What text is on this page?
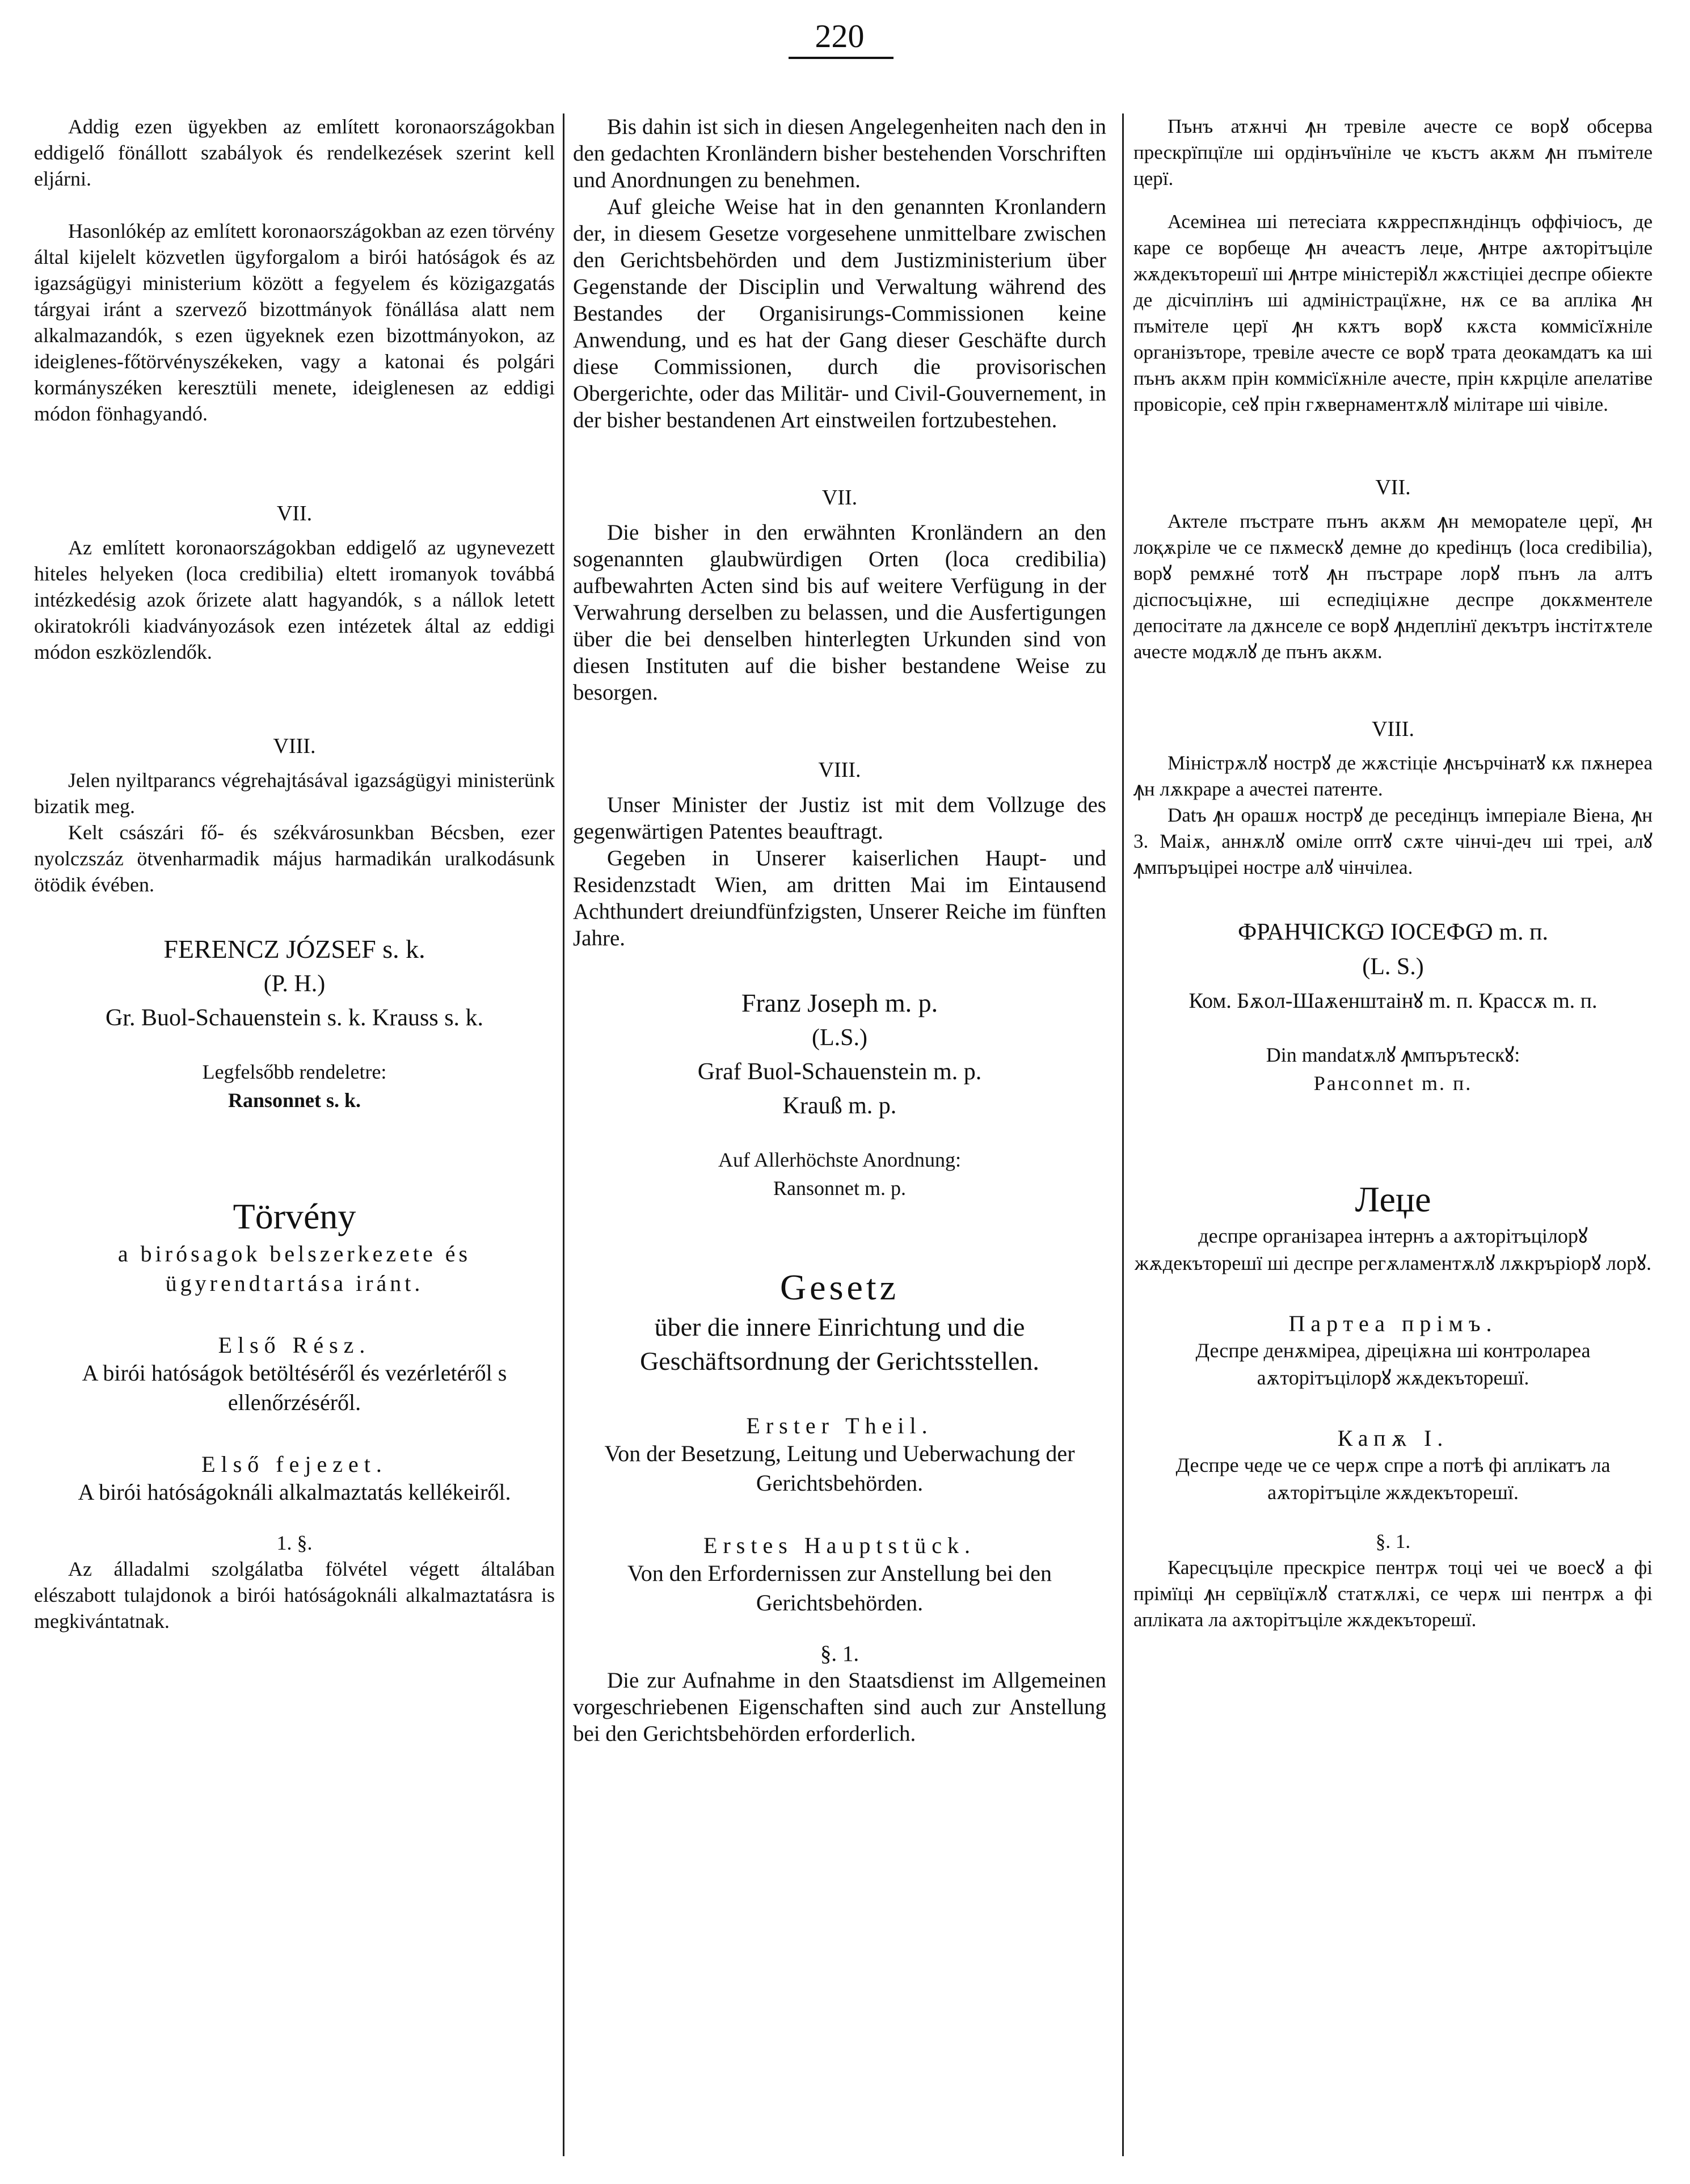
220

Addig ezen ügyekben az említett koronaországokban eddigelő fönállott szabályok és rendelkezések szerint kell eljárni.

Hasonlókép az említett koronaországokban az ezen törvény által kijelelt közvetlen ügyforgalom a birói hatóságok és az igazságügyi ministerium között a fegyelem és közigazgatás tárgyai iránt a szervező bizottmányok fönállása alatt nem alkalmazandók, s ezen ügyeknek ezen bizottmányokon, az ideiglenes-főtörvényszékeken, vagy a katonai és polgári kormányszéken keresztüli menete, ideiglenesen az eddigi módon fönhagyandó.

VII.

Az említett koronaországokban eddigelő az ugynevezett hiteles helyeken (loca credibilia) eltett iromanyok továbbá intézkedésig azok őrizete alatt hagyandók, s a nállok letett okiratokróli kiadványozások ezen intézetek által az eddigi módon eszközlendők.

VIII.

Jelen nyiltparancs végrehajtásával igazságügyi ministerünk bizatik meg.

Kelt császári fő- és székvárosunkban Bécsben, ezer nyolczszáz ötvenharmadik május harmadikán uralkodásunk ötödik évében.

FERENCZ JÓZSEF s. k.

(P. H.)

Gr. Buol-Schauenstein s. k. Krauss s. k.

Legfelsőbb rendeletre:

Ransonnet s. k.

Törvény

a birósagok belszerkezete és ügyrendtartása iránt.

Első Rész.

A birói hatóságok betöltéséről és vezérletéről s ellenőrzéséről.

Első fejezet.

A birói hatóságoknáli alkalmaztatás kellékeiről.

1. §.

Az álladalmi szolgálatba fölvétel végett általában elészabott tulajdonok a birói hatóságoknáli alkalmaztatásra is megkivántatnak.

Bis dahin ist sich in diesen Angelegenheiten nach den in den gedachten Kronländern bisher bestehenden Vorschriften und Anordnungen zu benehmen.

Auf gleiche Weise hat in den genannten Kronlandern der, in diesem Gesetze vorgesehene unmittelbare zwischen den Gerichtsbehörden und dem Justizministerium über Gegenstande der Disciplin und Verwaltung während des Bestandes der Organisirungs-Commissionen keine Anwendung, und es hat der Gang dieser Geschäfte durch diese Commissionen, durch die provisorischen Obergerichte, oder das Militär- und Civil-Gouvernement, in der bisher bestandenen Art einstweilen fortzubestehen.

VII.

Die bisher in den erwähnten Kronländern an den sogenannten glaubwürdigen Orten (loca credibilia) aufbewahrten Acten sind bis auf weitere Verfügung in der Verwahrung derselben zu belassen, und die Ausfertigungen über die bei denselben hinterlegten Urkunden sind von diesen Instituten auf die bisher bestandene Weise zu besorgen.

VIII.

Unser Minister der Justiz ist mit dem Vollzuge des gegenwärtigen Patentes beauftragt.

Gegeben in Unserer kaiserlichen Haupt- und Residenzstadt Wien, am dritten Mai im Eintausend Achthundert dreiundfünfzigsten, Unserer Reiche im fünften Jahre.

Franz Joseph m. p.

(L.S.)

Graf Buol-Schauenstein m. p.

Krauß m. p.

Auf Allerhöchste Anordnung:

Ransonnet m. p.

Gesetz

über die innere Einrichtung und die Geschäftsordnung der Gerichtsstellen.

Erster Theil.

Von der Besetzung, Leitung und Ueberwachung der Gerichtsbehörden.

Erstes Hauptstück.

Von den Erfordernissen zur Anstellung bei den Gerichtsbehörden.

§. 1.

Die zur Aufnahme in den Staatsdienst im Allgemeinen vorgeschriebenen Eigenschaften sind auch zur Anstellung bei den Gerichtsbehörden erforderlich.

Пънъ атѫнчі ꙟн тревіле ачесте се ворꙋ обсерва прескрїпцїле ші ордінъчїніле че къстъ акѫм ꙟн пъмітеле церї.

Асемінеа ші петесіата кѫрреспѫндінцъ оффічіосъ, де каре се ворбеще ꙟн ачеастъ леџе, ꙟнтре аѫторітъціле жѫдекъторешї ші ꙟнтре мініcтеріꙋл жѫстіціеі деспре обіекте де дісчіплінъ ші адміністрацїѫне, нѫ се ва апліка ꙟн пъмітеле церї ꙟн кѫтъ ворꙋ кѫста коммісїѫніле організъторе, тревіле ачесте се ворꙋ трата деокамдатъ ка ші пънъ акѫм прін коммісїѫніле ачесте, прін кѫрціле апелатіве провісоріе, сеꙋ прін гѫвернаментѫлꙋ мілітаре ші чівіле.

VII.

Актеле пъстрате пънъ акѫм ꙟн мемораteле церї, ꙟн лоқѫріле че се пѫмескꙋ демне до креdінцъ (loca credibilia), ворꙋ ремѫнé тотꙋ ꙟн пъстраре лорꙋ пънъ ла алтъ діспосъціѫне, ші еспедіціѫне деспре докѫментеле депосітате ла дѫнселе се ворꙋ ꙟндеплінï декътръ інстітѫтеле ачесте модѫлꙋ де пънъ акѫм.

VIII.

Мініcтрѫлꙋ ноcтрꙋ де жѫстіціе ꙟнсърчінатꙋ кѫ пѫнереа ꙟн лѫкраре а ачестеі патенте.

Datъ ꙟн орашѫ ноcтрꙋ де реседінцъ імперіале Віена, ꙟн 3. Маіѫ, аннѫлꙋ оміле оптꙋ сѫте чінчі-деч ші треі, алꙋ ꙟмпъръціреі ноcтре алꙋ чінчілеа.

ФРАНЧІСКѠ ІОСЕФѠ m. п.

(L. S.)

Ком. Бѫол-Шаѫенштаінꙋ m. п. Крассѫ m. п.

Din mandatѫлꙋ ꙟмпърътескꙋ:

Ранconnet m. п.

Леџе

деспре організареа інтернъ а аѫторітъцілорꙋ жѫдекъторешї ші деспре регѫламентѫлꙋ лѫкръріорꙋ лорꙋ.

Партеа прімъ.

Деспре денѫміреа, діреціѫна ші контролареа аѫторітъцілорꙋ жѫдекъторешї.

Капѫ І.

Деспре чеде че се черѫ спре а потѣ фі аплікатъ ла аѫторітъціле жѫдекъторешї.

§. 1.

Каресцъціле прескрісе пентрѫ тоці чеі че воесꙋ а фі прімїці ꙟн сервїцїѫлꙋ статѫлѫі, се черѫ ші пентрѫ а фі апліката ла аѫторітъціле жѫдекъторешї.
